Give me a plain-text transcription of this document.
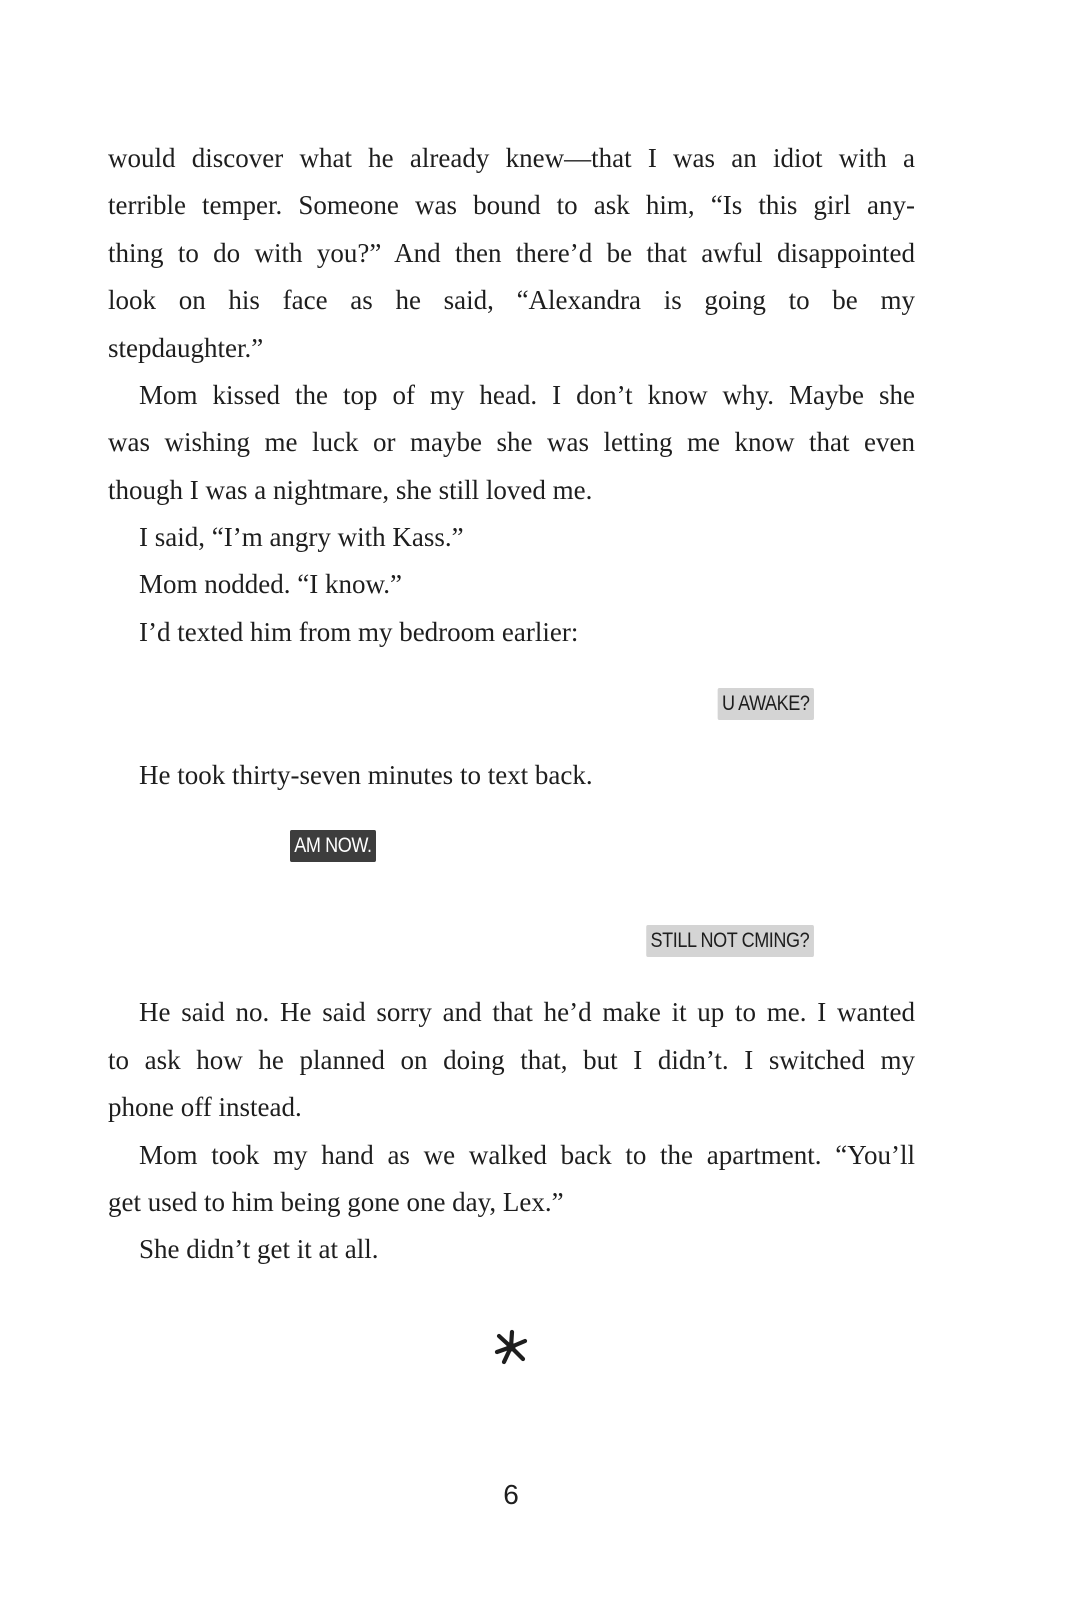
would discover what he already knew—that I was an idiot with a

terrible temper. Someone was bound to ask him, “Is this girl any-

thing to do with you?” And then there’d be that awful disappointed

look on his face as he said, “Alexandra is going to be my

stepdaughter.”

Mom kissed the top of my head. I don’t know why. Maybe she

was wishing me luck or maybe she was letting me know that even

though I was a nightmare, she still loved me.

I said, “I’m angry with Kass.”

Mom nodded. “I know.”

I’d texted him from my bedroom earlier:

U AWAKE?

He took thirty-seven minutes to text back.

AM NOW.
STILL NOT CMING?

He said no. He said sorry and that he’d make it up to me. I wanted

to ask how he planned on doing that, but I didn’t. I switched my

phone off instead.

Mom took my hand as we walked back to the apartment. “You’ll

get used to him being gone one day, Lex.”

She didn’t get it at all.

6
